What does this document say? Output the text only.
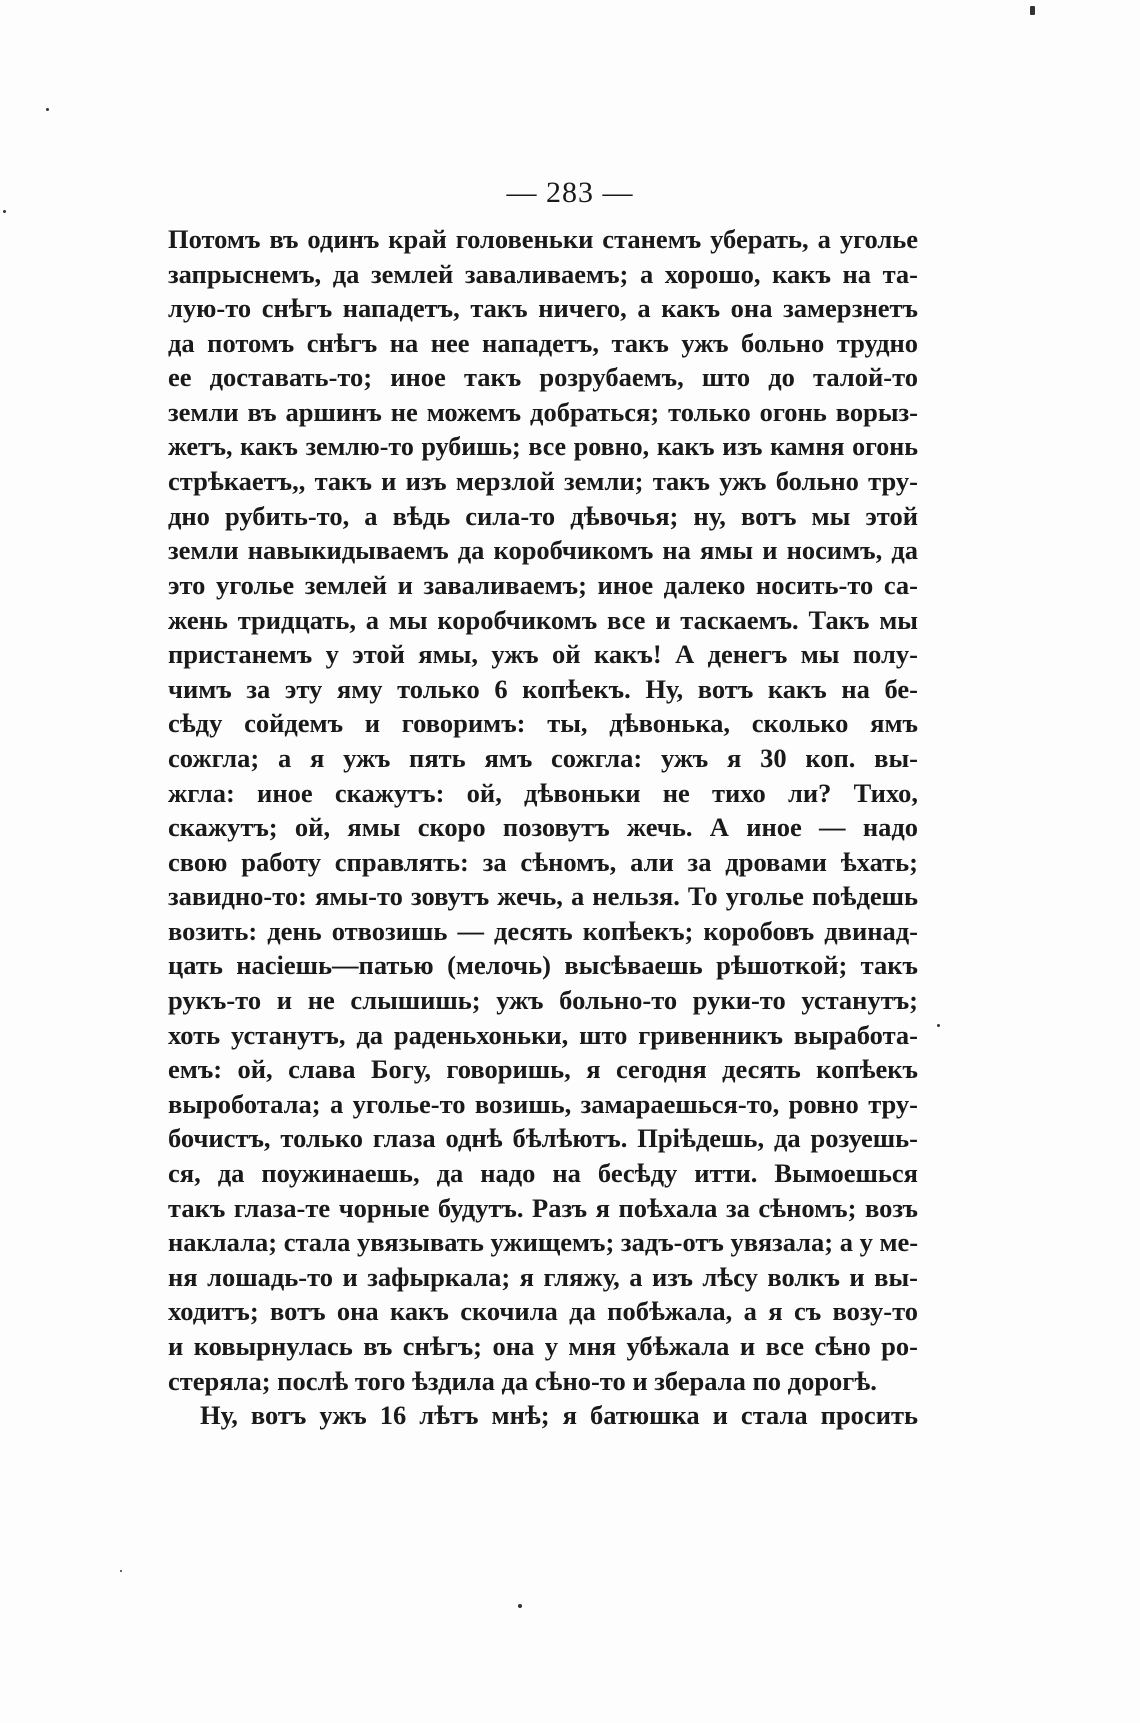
— 283 —
Потомъ въ одинъ край головеньки станемъ уберать, а уголье
запрыснемъ, да землей заваливаемъ; а хорошо, какъ на та-
лую-то снѣгъ нападетъ, такъ ничего, а какъ она замерзнетъ
да потомъ снѣгъ на нее нападетъ, такъ ужъ больно трудно
ее доставать-то; иное такъ розрубаемъ, што до талой-то
земли въ аршинъ не можемъ добраться; только огонь ворыз-
жетъ, какъ землю-то рубишь; все ровно, какъ изъ камня огонь
стрѣкаетъ,, такъ и изъ мерзлой земли; такъ ужъ больно тру-
дно рубить-то, а вѣдь сила-то дѣвочья; ну, вотъ мы этой
земли навыкидываемъ да коробчикомъ на ямы и носимъ, да
это уголье землей и заваливаемъ; иное далеко носить-то са-
жень тридцать, а мы коробчикомъ все и таскаемъ. Такъ мы
пристанемъ у этой ямы, ужъ ой какъ! А денегъ мы полу-
чимъ за эту яму только 6 копѣекъ. Ну, вотъ какъ на бе-
сѣду сойдемъ и говоримъ: ты, дѣвонька, сколько ямъ
сожгла; а я ужъ пять ямъ сожгла: ужъ я 30 коп. вы-
жгла: иное скажутъ: ой, дѣвоньки не тихо ли? Тихо,
скажутъ; ой, ямы скоро позовутъ жечь. А иное — надо
свою работу справлять: за сѣномъ, али за дровами ѣхать;
завидно-то: ямы-то зовутъ жечь, а нельзя. То уголье поѣдешь
возить: день отвозишь — десять копѣекъ; коробовъ двинад-
цать насіешь—патью (мелочь) высѣваешь рѣшоткой; такъ
рукъ-то и не слышишь; ужъ больно-то руки-то устанутъ;
хоть устанутъ, да раденьхоньки, што гривенникъ выработа-
емъ: ой, слава Богу, говоришь, я сегодня десять копѣекъ
выроботала; а уголье-то возишь, замараешься-то, ровно тру-
бочистъ, только глаза однѣ бѣлѣютъ. Пріѣдешь, да розуешь-
ся, да поужинаешь, да надо на бесѣду итти. Вымоешься
такъ глаза-те чорные будутъ. Разъ я поѣхала за сѣномъ; возъ
наклала; стала увязывать ужищемъ; задъ-отъ увязала; а у ме-
ня лошадь-то и зафыркала; я гляжу, а изъ лѣсу волкъ и вы-
ходитъ; вотъ она какъ скочила да побѣжала, а я съ возу-то
и ковырнулась въ снѣгъ; она у мня убѣжала и все сѣно ро-
стеряла; послѣ того ѣздила да сѣно-то и зберала по дорогѣ.
Ну, вотъ ужъ 16 лѣтъ мнѣ; я батюшка и стала просить
